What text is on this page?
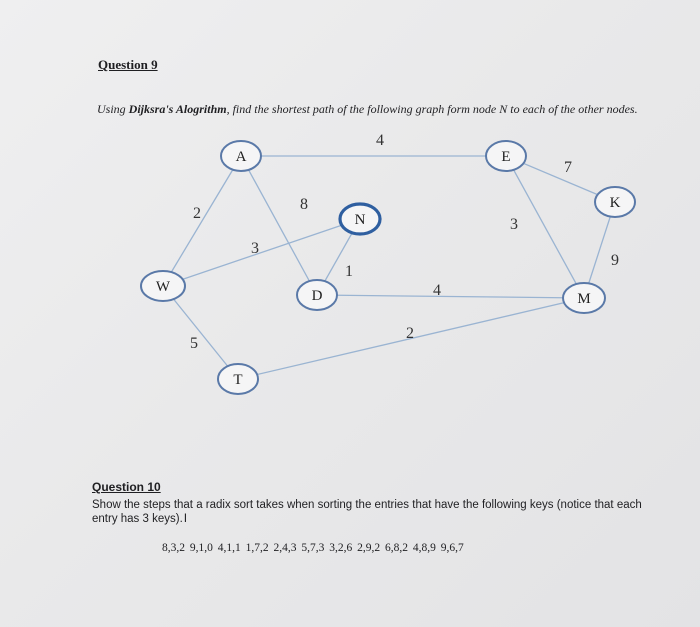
Question 9
Using Dijksra's Alogrithm, find the shortest path of the following graph form node N to each of the other nodes.
4
7
3
9
2
8
3
1
4
5
2
A	E
K
N
W
D	M
T
Question 10
Show the steps that a radix sort takes when sorting the entries that have the following keys (notice that each entry has 3 keys).I
8,3,2 9,1,0 4,1,1 1,7,2 2,4,3 5,7,3 3,2,6 2,9,2 6,8,2 4,8,9 9,6,7
